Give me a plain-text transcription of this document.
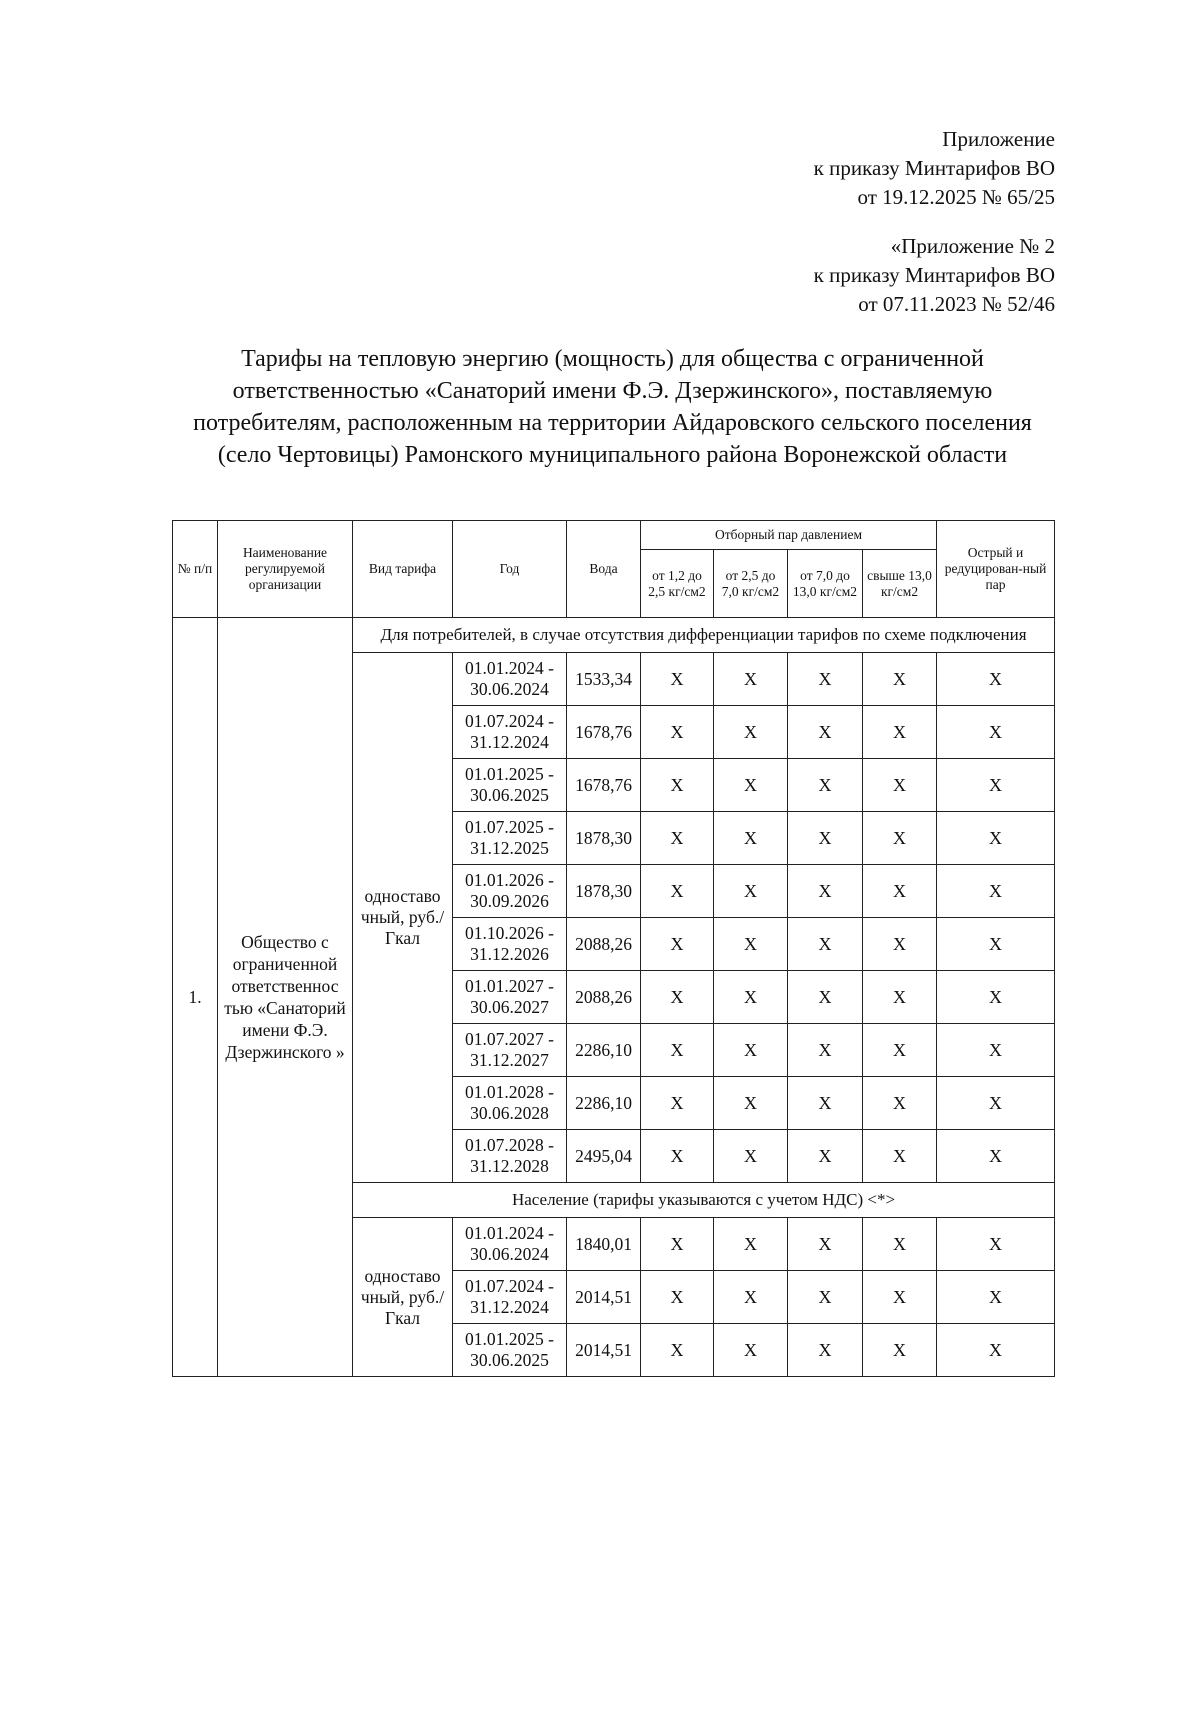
Приложение
к приказу Минтарифов ВО
от 19.12.2025 № 65/25
«Приложение № 2
к приказу Минтарифов ВО
от 07.11.2023 № 52/46
Тарифы на тепловую энергию (мощность) для общества с ограниченной ответственностью «Санаторий имени Ф.Э. Дзержинского», поставляемую потребителям, расположенным на территории Айдаровского сельского поселения (село Чертовицы) Рамонского муниципального района Воронежской области
№ п/п	Наименование регулируемой организации	Вид тарифа	Год	Вода	Отборный пар давлением				Острый и редуцирован-ный пар
					от 1,2 до 2,5 кг/см2	от 2,5 до 7,0 кг/см2	от 7,0 до 13,0 кг/см2	свыше 13,0 кг/см2	
1.	Общество с ограниченной ответственнос тью «Санаторий имени Ф.Э. Дзержинского »	Для потребителей, в случае отсутствия дифференциации тарифов по схеме подключения							
		одноставо чный, руб./Гкал	01.01.2024 - 30.06.2024	1533,34	X	X	X	X	X
			01.07.2024 - 31.12.2024	1678,76	X	X	X	X	X
			01.01.2025 - 30.06.2025	1678,76	X	X	X	X	X
			01.07.2025 - 31.12.2025	1878,30	X	X	X	X	X
			01.01.2026 - 30.09.2026	1878,30	X	X	X	X	X
			01.10.2026 - 31.12.2026	2088,26	X	X	X	X	X
			01.01.2027 - 30.06.2027	2088,26	X	X	X	X	X
			01.07.2027 - 31.12.2027	2286,10	X	X	X	X	X
			01.01.2028 - 30.06.2028	2286,10	X	X	X	X	X
			01.07.2028 - 31.12.2028	2495,04	X	X	X	X	X
		Население (тарифы указываются с учетом НДС) <*>							
		одноставо чный, руб./Гкал	01.01.2024 - 30.06.2024	1840,01	X	X	X	X	X
			01.07.2024 - 31.12.2024	2014,51	X	X	X	X	X
			01.01.2025 - 30.06.2025	2014,51	X	X	X	X	X
